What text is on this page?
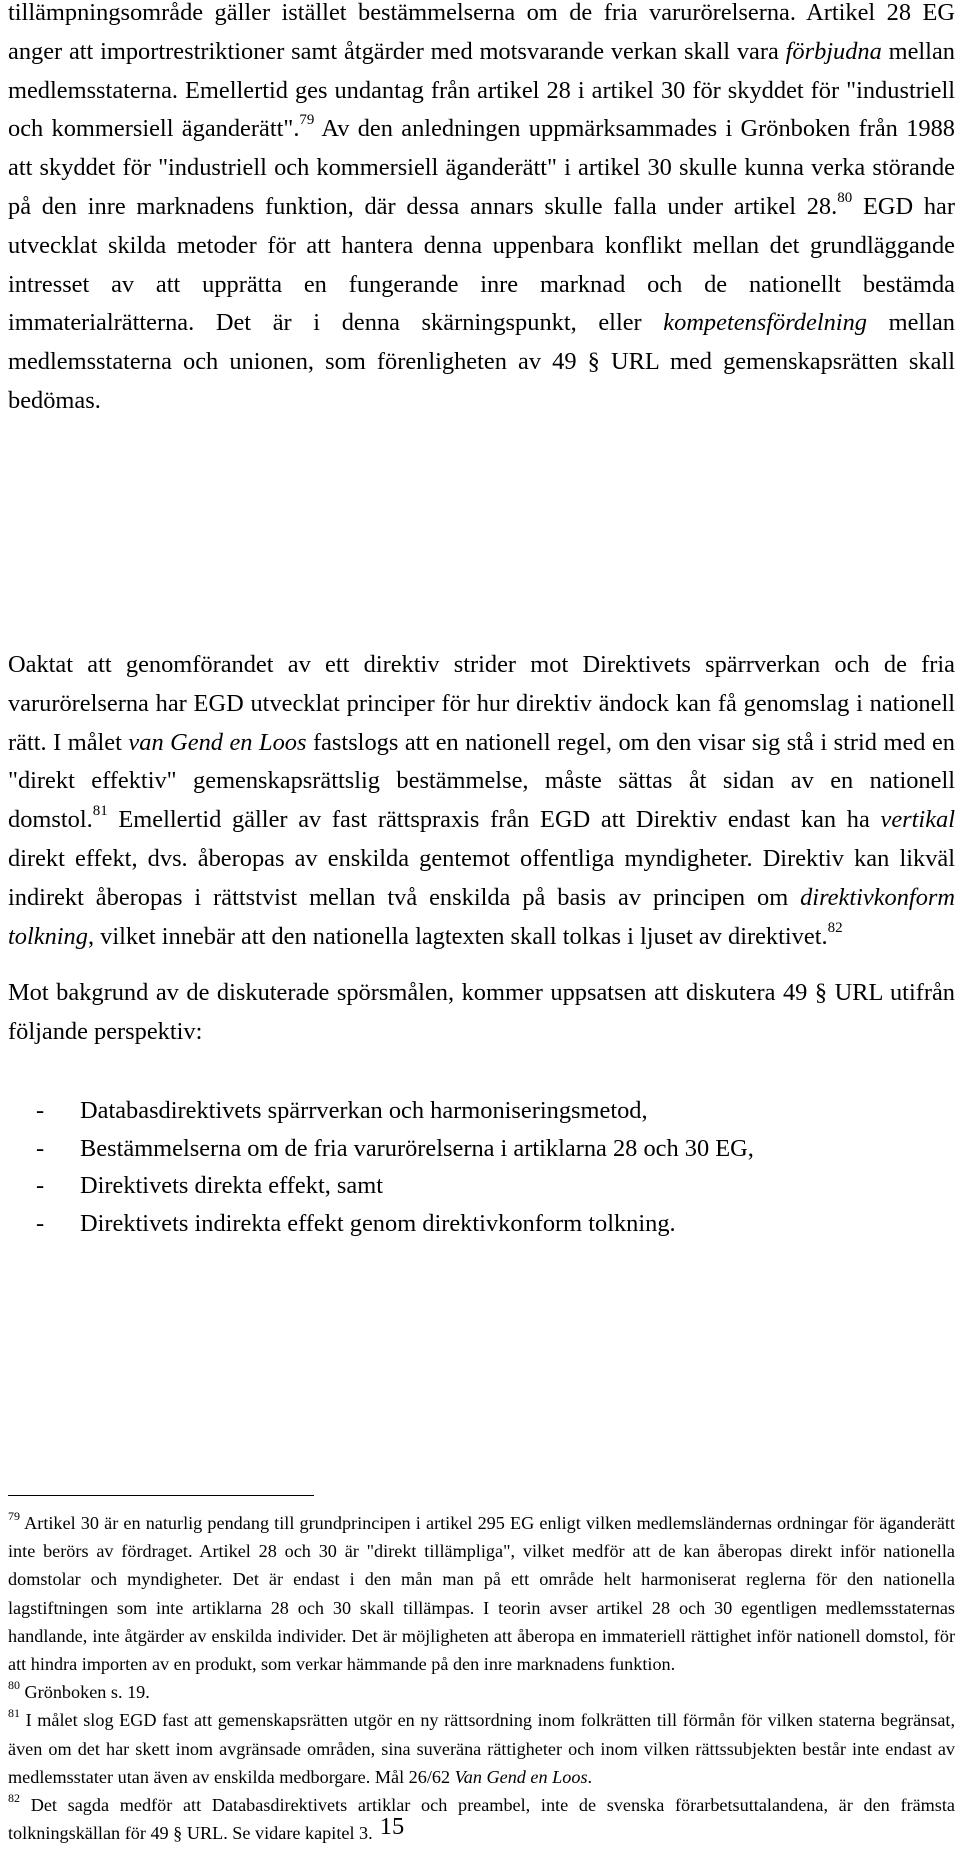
tillämpningsområde gäller istället bestämmelserna om de fria varurörelserna. Artikel 28 EG anger att importrestriktioner samt åtgärder med motsvarande verkan skall vara förbjudna mellan medlemsstaterna. Emellertid ges undantag från artikel 28 i artikel 30 för skyddet för "industriell och kommersiell äganderätt".$^{79}$ Av den anledningen uppmärksammades i Grönboken från 1988 att skyddet för "industriell och kommersiell äganderätt" i artikel 30 skulle kunna verka störande på den inre marknadens funktion, där dessa annars skulle falla under artikel 28.80 EGD har utvecklat skilda metoder för att hantera denna uppenbara konflikt mellan det grundläggande intresset av att upprätta en fungerande inre marknad och de nationellt bestämda immaterialrätterna. Det är i denna skärningspunkt, eller kompetensfördelning mellan medlemsstaterna och unionen, som förenligheten av 49 § URL med gemenskapsrätten skall bedömas.

Oaktat att genomförandet av ett direktiv strider mot Direktivets spärrverkan och de fria varurörelserna har EGD utvecklat principer för hur direktiv ändock kan få genomslag i nationell rätt. I målet van Gend en Loos fastslogs att en nationell regel, om den visar sig stå i strid med en "direkt effektiv" gemenskapsrättslig bestämmelse, måste sättas åt sidan av en nationell domstol.$^{81}$ Emellertid gäller av fast rättspraxis från EGD att Direktiv endast kan ha vertikal direkt effekt, dvs. åberopas av enskilda gentemot offentliga myndigheter. Direktiv kan likväl indirekt åberopas i rättstvist mellan två enskilda på basis av principen om direktivkonform tolkning, vilket innebär att den nationella lagtexten skall tolkas i ljuset av direktivet.$^{82}$

Mot bakgrund av de diskuterade spörsmålen, kommer uppsatsen att diskutera 49 § URL utifrån följande perspektiv:

- Databasdirektivets spärrverkan och harmoniseringsmetod,
- Bestämmelserna om de fria varurörelserna i artiklarna 28 och 30 EG,
- Direktivets direkta effekt, samt
- Direktivets indirekta effekt genom direktivkonform tolkning.

$^{79}$ Artikel 30 är en naturlig pendang till grundprincipen i artikel 295 EG enligt vilken medlemsländernas ordningar för äganderätt inte berörs av fördraget. Artikel 28 och 30 är "direkt tillämpliga", vilket medför att de kan åberopas direkt inför nationella domstolar och myndigheter. Det är endast i den mån man på ett område helt harmoniserat reglerna för den nationella lagstiftningen som inte artiklarna 28 och 30 skall tillämpas. I teorin avser artikel 28 och 30 egentligen medlemsstaternas handlande, inte åtgärder av enskilda individer. Det är möjligheten att åberopa en immateriell rättighet inför nationell domstol, för att hindra importen av en produkt, som verkar hämmande på den inre marknadens funktion.

$^{80}$ Grönboken s. 19.

$^{81}$ I målet slog EGD fast att gemenskapsrätten utgör en ny rättsordning inom folkrätten till förmån för vilken staterna begränsat, även om det har skett inom avgränsade områden, sina suveräna rättigheter och inom vilken rättssubjekten består inte endast av medlemsstater utan även av enskilda medborgare. Mål 26/62 Van Gend en Loos.

$^{82}$ Det sagda medför att Databasdirektivets artiklar och preambel, inte de svenska förarbetsuttalandena, är den främsta tolkningskällan för 49 § URL. Se vidare kapitel 3. 15
